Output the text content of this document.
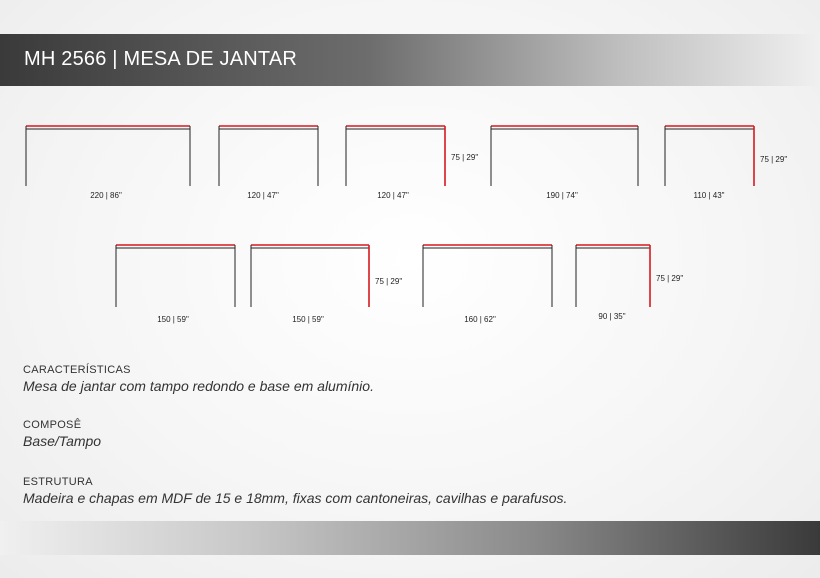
MH 2566 | MESA DE JANTAR
220 | 86"	120 | 47"	120 | 47"
75 | 29"
190 | 74"	110 | 43"
75 | 29"
150 | 59"	150 | 59"
75 | 29"
160 | 62"	90 | 35"
75 | 29"
CARACTERÍSTICAS
Mesa de jantar com tampo redondo e base em alumínio.
COMPOSÊ
Base/Tampo
ESTRUTURA
Madeira e chapas em MDF de 15 e 18mm, fixas com cantoneiras, cavilhas e parafusos.
